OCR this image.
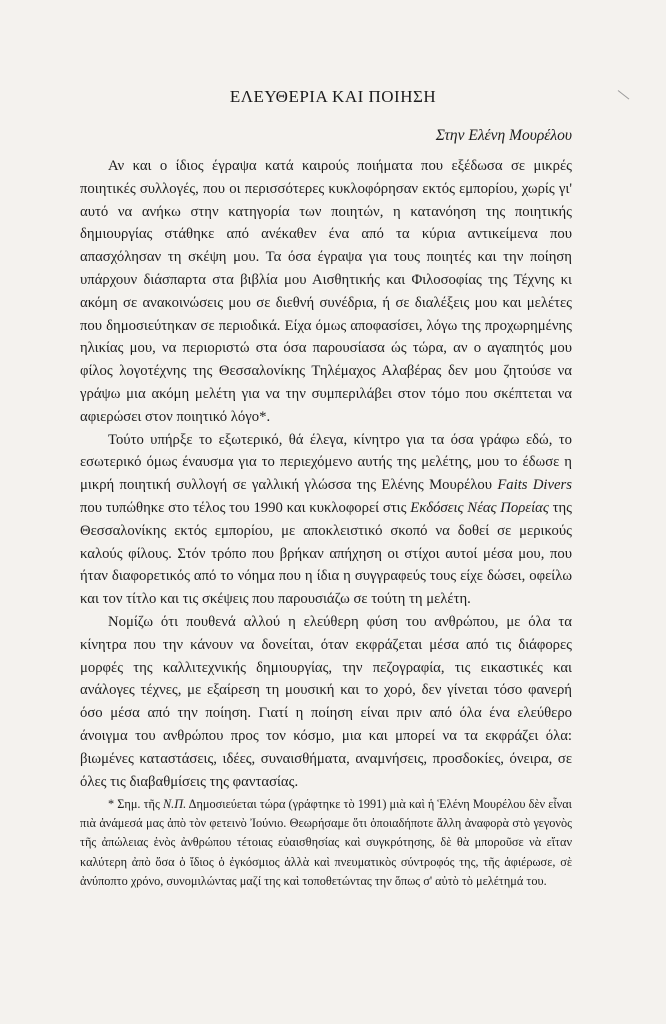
ΕΛΕΥΘΕΡΙΑ ΚΑΙ ΠΟΙΗΣΗ
Στην Ελένη Μουρέλου

Αν και ο ίδιος έγραψα κατά καιρούς ποιήματα που εξέδωσα σε μικρές ποιητικές συλλογές, που οι περισσότερες κυκλοφόρησαν εκτός εμπορίου, χωρίς γι' αυτό να ανήκω στην κατηγορία των ποιητών, η κατανόηση της ποιητικής δημιουργίας στάθηκε από ανέκαθεν ένα από τα κύρια αντικείμενα που απασχόλησαν τη σκέψη μου. Τα όσα έγραψα για τους ποιητές και την ποίηση υπάρχουν διάσπαρτα στα βιβλία μου Αισθητικής και Φιλοσοφίας της Τέχνης κι ακόμη σε ανακοινώσεις μου σε διεθνή συνέδρια, ή σε διαλέξεις μου και μελέτες που δημοσιεύτηκαν σε περιοδικά. Είχα όμως αποφασίσει, λόγω της προχωρημένης ηλικίας μου, να περιοριστώ στα όσα παρουσίασα ώς τώρα, αν ο αγαπητός μου φίλος λογοτέχνης της Θεσσαλονίκης Τηλέμαχος Αλαβέρας δεν μου ζητούσε να γράψω μια ακόμη μελέτη για να την συμπεριλάβει στον τόμο που σκέπτεται να αφιερώσει στον ποιητικό λόγο*.

Τούτο υπήρξε το εξωτερικό, θά έλεγα, κίνητρο για τα όσα γράφω εδώ, το εσωτερικό όμως έναυσμα για το περιεχόμενο αυτής της μελέτης, μου το έδωσε η μικρή ποιητική συλλογή σε γαλλική γλώσσα της Ελένης Μουρέλου Faits Divers που τυπώθηκε στο τέλος του 1990 και κυκλοφορεί στις Εκδόσεις Νέας Πορείας της Θεσσαλονίκης εκτός εμπορίου, με αποκλειστικό σκοπό να δοθεί σε μερικούς καλούς φίλους. Στόν τρόπο που βρήκαν απήχηση οι στίχοι αυτοί μέσα μου, που ήταν διαφορετικός από το νόημα που η ίδια η συγγραφεύς τους είχε δώσει, οφείλω και τον τίτλο και τις σκέψεις που παρουσιάζω σε τούτη τη μελέτη.

Νομίζω ότι πουθενά αλλού η ελεύθερη φύση του ανθρώπου, με όλα τα κίνητρα που την κάνουν να δονείται, όταν εκφράζεται μέσα από τις διάφορες μορφές της καλλιτεχνικής δημιουργίας, την πεζογραφία, τις εικαστικές και ανάλογες τέχνες, με εξαίρεση τη μουσική και το χορό, δεν γίνεται τόσο φανερή όσο μέσα από την ποίηση. Γιατί η ποίηση είναι πριν από όλα ένα ελεύθερο άνοιγμα του ανθρώπου προς τον κόσμο, μια και μπορεί να τα εκφράζει όλα: βιωμένες καταστάσεις, ιδέες, συναισθήματα, αναμνήσεις, προσδοκίες, όνειρα, σε όλες τις διαβαθμίσεις της φαντασίας.

* Σημ. τῆς Ν.Π. Δημοσιεύεται τώρα (γράφτηκε τὸ 1991) μιὰ καὶ ἡ Ἑλένη Μουρέλου δὲν εἶναι πιὰ ἀνάμεσά μας ἀπὸ τὸν φετεινὸ Ἰούνιο. Θεωρήσαμε ὅτι ὁποιαδήποτε ἄλλη ἀναφορὰ στὸ γεγονὸς τῆς ἀπώλειας ἑνὸς ἀνθρώπου τέτοιας εὐαισθησίας καὶ συγκρότησης, δὲ θὰ μποροῦσε νὰ εἴταν καλύτερη ἀπὸ ὅσα ὁ ἴδιος ὁ ἐγκόσμιος ἀλλὰ καὶ πνευματικὸς σύντροφός της, τῆς ἀφιέρωσε, σὲ ἀνύποπτο χρόνο, συνομιλώντας μαζί της καὶ τοποθετώντας την ὅπως σ' αὐτὸ τὸ μελέτημά του.
